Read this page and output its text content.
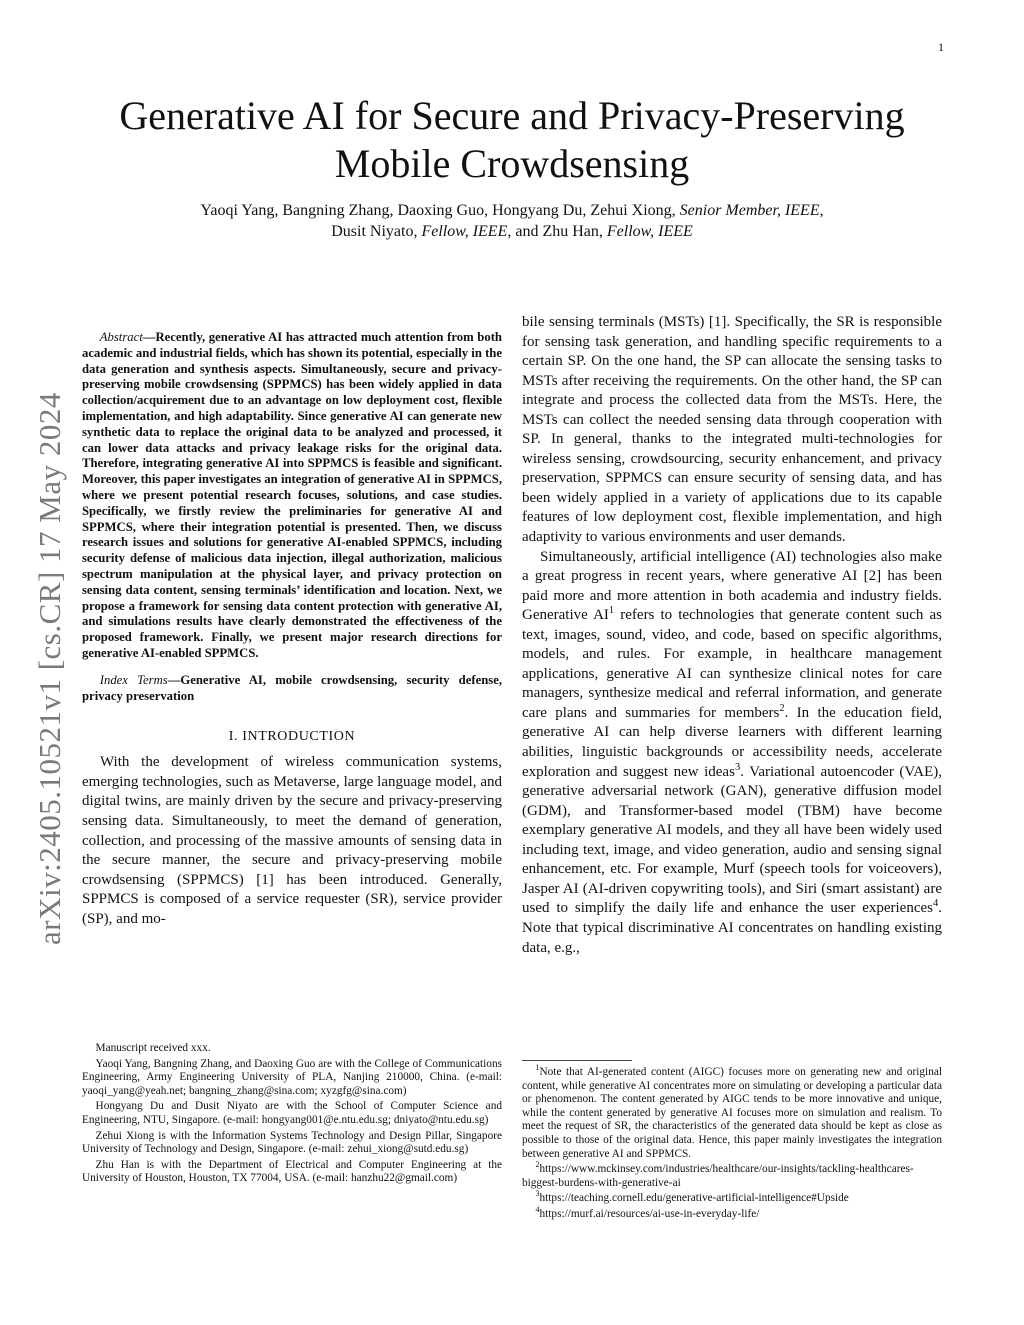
1
arXiv:2405.10521v1 [cs.CR] 17 May 2024
Generative AI for Secure and Privacy-Preserving
Mobile Crowdsensing
Yaoqi Yang, Bangning Zhang, Daoxing Guo, Hongyang Du, Zehui Xiong, Senior Member, IEEE,
Dusit Niyato, Fellow, IEEE, and Zhu Han, Fellow, IEEE

Abstract—Recently, generative AI has attracted much attention from both academic and industrial fields, which has shown its potential, especially in the data generation and synthesis aspects. Simultaneously, secure and privacy-preserving mobile crowdsensing (SPPMCS) has been widely applied in data collection/acquirement due to an advantage on low deployment cost, flexible implementation, and high adaptability. Since generative AI can generate new synthetic data to replace the original data to be analyzed and processed, it can lower data attacks and privacy leakage risks for the original data. Therefore, integrating generative AI into SPPMCS is feasible and significant. Moreover, this paper investigates an integration of generative AI in SPPMCS, where we present potential research focuses, solutions, and case studies. Specifically, we firstly review the preliminaries for generative AI and SPPMCS, where their integration potential is presented. Then, we discuss research issues and solutions for generative AI-enabled SPPMCS, including security defense of malicious data injection, illegal authorization, malicious spectrum manipulation at the physical layer, and privacy protection on sensing data content, sensing terminals’ identification and location. Next, we propose a framework for sensing data content protection with generative AI, and simulations results have clearly demonstrated the effectiveness of the proposed framework. Finally, we present major research directions for generative AI-enabled SPPMCS.

Index Terms—Generative AI, mobile crowdsensing, security defense, privacy preservation

I. INTRODUCTION

With the development of wireless communication systems, emerging technologies, such as Metaverse, large language model, and digital twins, are mainly driven by the secure and privacy-preserving sensing data. Simultaneously, to meet the demand of generation, collection, and processing of the massive amounts of sensing data in the secure manner, the secure and privacy-preserving mobile crowdsensing (SPPMCS) [1] has been introduced. Generally, SPPMCS is composed of a service requester (SR), service provider (SP), and mo-

bile sensing terminals (MSTs) [1]. Specifically, the SR is responsible for sensing task generation, and handling specific requirements to a certain SP. On the one hand, the SP can allocate the sensing tasks to MSTs after receiving the requirements. On the other hand, the SP can integrate and process the collected data from the MSTs. Here, the MSTs can collect the needed sensing data through cooperation with SP. In general, thanks to the integrated multi-technologies for wireless sensing, crowdsourcing, security enhancement, and privacy preservation, SPPMCS can ensure security of sensing data, and has been widely applied in a variety of applications due to its capable features of low deployment cost, flexible implementation, and high adaptivity to various environments and user demands.

Simultaneously, artificial intelligence (AI) technologies also make a great progress in recent years, where generative AI [2] has been paid more and more attention in both academia and industry fields. Generative $AI^1$ refers to technologies that generate content such as text, images, sound, video, and code, based on specific algorithms, models, and rules. For example, in healthcare management applications, generative AI can synthesize clinical notes for care managers, synthesize medical and referral information, and generate care plans and summaries for members$^2$. In the education field, generative AI can help diverse learners with different learning abilities, linguistic backgrounds or accessibility needs, accelerate exploration and suggest new ideas$^3$. Variational autoencoder (VAE), generative adversarial network (GAN), generative diffusion model (GDM), and Transformer-based model (TBM) have become exemplary generative AI models, and they all have been widely used including text, image, and video generation, audio and sensing signal enhancement, etc. For example, Murf (speech tools for voiceovers), Jasper AI (AI-driven copywriting tools), and Siri (smart assistant) are used to simplify the daily life and enhance the user experiences$^4$. Note that typical discriminative AI concentrates on handling existing data, e.g.,

Manuscript received xxx.

Yaoqi Yang, Bangning Zhang, and Daoxing Guo are with the College of Communications Engineering, Army Engineering University of PLA, Nanjing 210000, China. (e-mail: yaoqi_yang@yeah.net; bangning_zhang@sina.com; xyzgfg@sina.com)

Hongyang Du and Dusit Niyato are with the School of Computer Science and Engineering, NTU, Singapore. (e-mail: hongyang001@e.ntu.edu.sg; dniyato@ntu.edu.sg)

Zehui Xiong is with the Information Systems Technology and Design Pillar, Singapore University of Technology and Design, Singapore. (e-mail: zehui_xiong@sutd.edu.sg)

Zhu Han is with the Department of Electrical and Computer Engineering at the University of Houston, Houston, TX 77004, USA. (e-mail: hanzhu22@gmail.com)

$^1$Note that AI-generated content (AIGC) focuses more on generating new and original content, while generative AI concentrates more on simulating or developing a particular data or phenomenon. The content generated by AIGC tends to be more innovative and unique, while the content generated by generative AI focuses more on simulation and realism. To meet the request of SR, the characteristics of the generated data should be kept as close as possible to those of the original data. Hence, this paper mainly investigates the integration between generative AI and SPPMCS.

$^2$https://www.mckinsey.com/industries/healthcare/our-insights/tackling-healthcares-biggest-burdens-with-generative-ai

$^3$https://teaching.cornell.edu/generative-artificial-intelligence#Upside

$^4$https://murf.ai/resources/ai-use-in-everyday-life/
